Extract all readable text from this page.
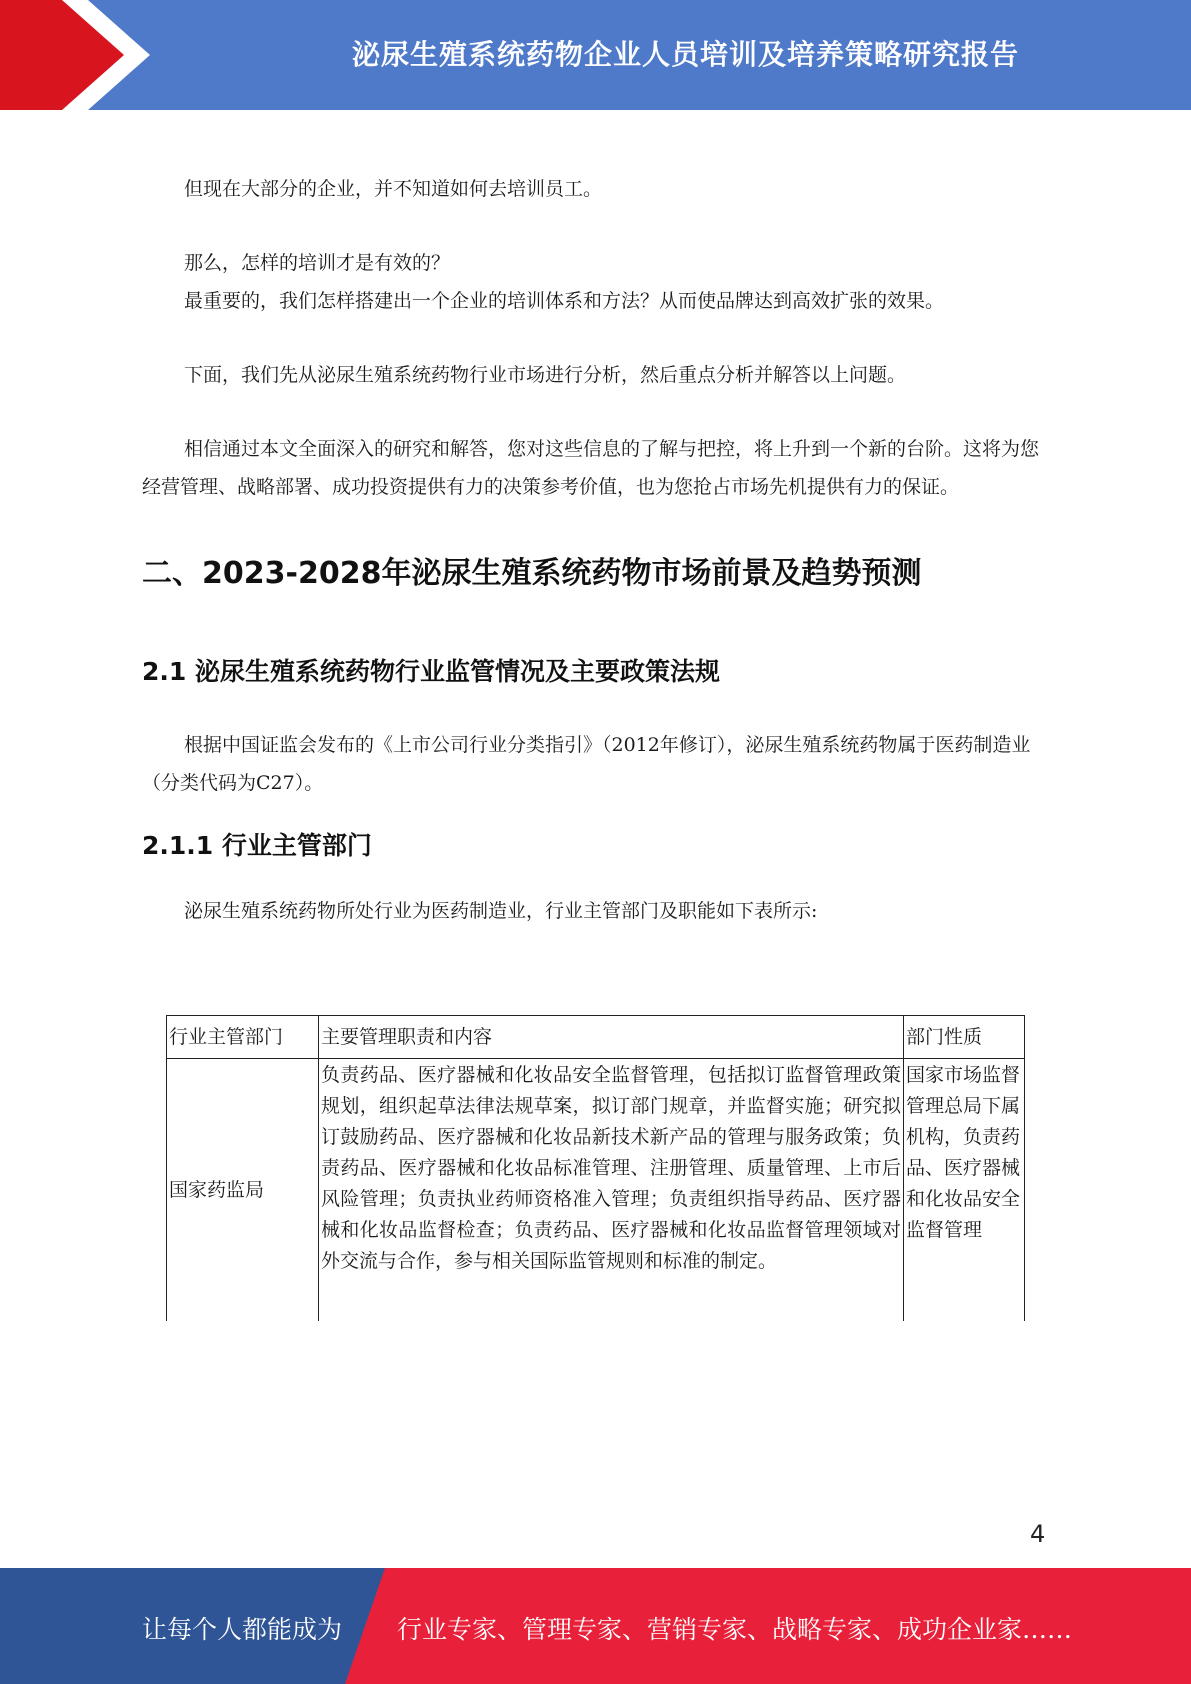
泌尿生殖系统药物企业人员培训及培养策略研究报告

但现在大部分的企业，并不知道如何去培训员工。

那么，怎样的培训才是有效的？

最重要的，我们怎样搭建出一个企业的培训体系和方法？从而使品牌达到高效扩张的效果。

下面，我们先从泌尿生殖系统药物行业市场进行分析，然后重点分析并解答以上问题。

相信通过本文全面深入的研究和解答，您对这些信息的了解与把控，将上升到一个新的台阶。这将为您经营管理、战略部署、成功投资提供有力的决策参考价值，也为您抢占市场先机提供有力的保证。

二、2023-2028年泌尿生殖系统药物市场前景及趋势预测
2.1 泌尿生殖系统药物行业监管情况及主要政策法规

根据中国证监会发布的《上市公司行业分类指引》（2012年修订），泌尿生殖系统药物属于医药制造业（分类代码为C27）。

2.1.1 行业主管部门

泌尿生殖系统药物所处行业为医药制造业，行业主管部门及职能如下表所示:

行业主管部门	主要管理职责和内容	部门性质
国家药监局	负责药品、医疗器械和化妆品安全监督管理，包括拟订监督管理政策规划，组织起草法律法规草案，拟订部门规章，并监督实施；研究拟订鼓励药品、医疗器械和化妆品新技术新产品的管理与服务政策；负责药品、医疗器械和化妆品标准管理、注册管理、质量管理、上市后风险管理；负责执业药师资格准入管理；负责组织指导药品、医疗器械和化妆品监督检查；负责药品、医疗器械和化妆品监督管理领域对外交流与合作，参与相关国际监管规则和标准的制定。	国家市场监督管理总局下属机构，负责药品、医疗器械和化妆品安全监督管理
4
让每个人都能成为 行业专家、管理专家、营销专家、战略专家、成功企业家……
